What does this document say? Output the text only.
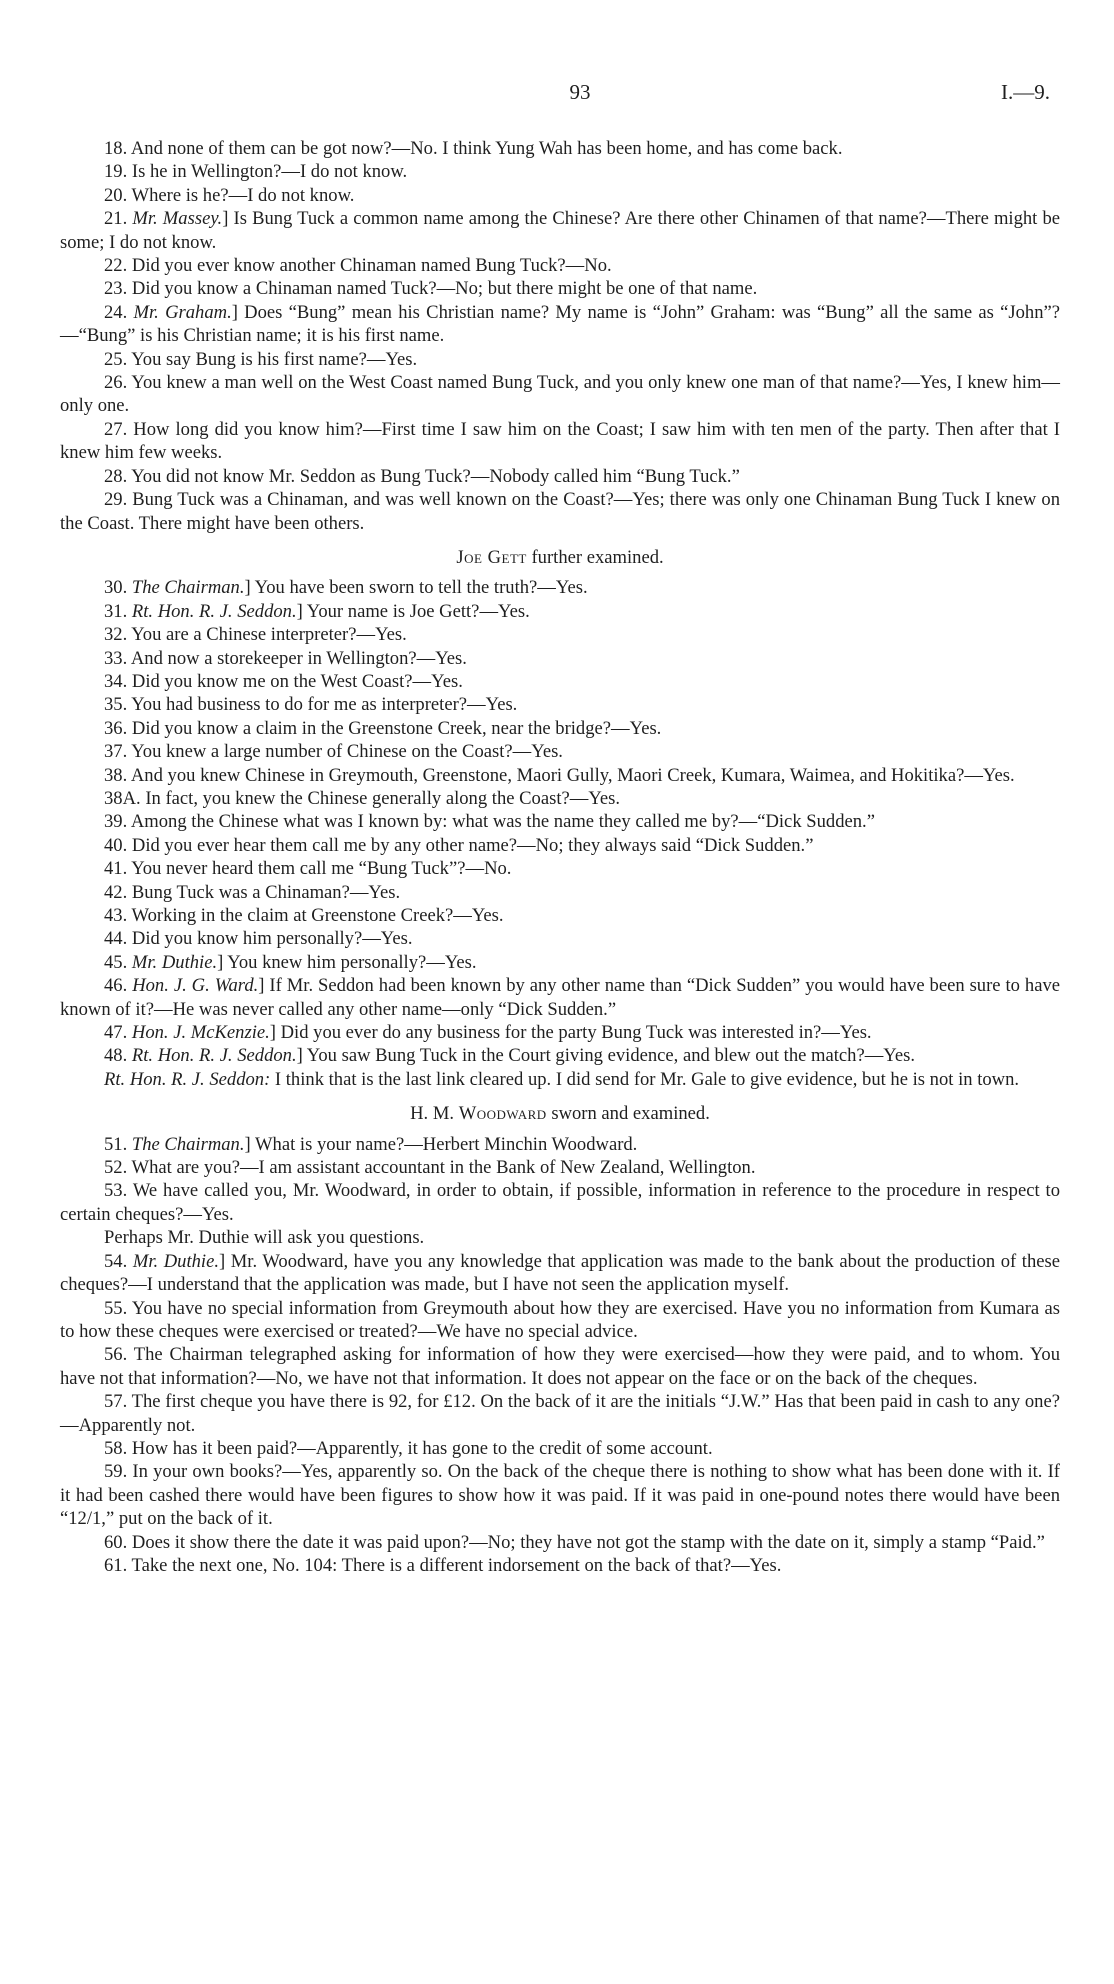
93	I.—9.

18. And none of them can be got now?—No. I think Yung Wah has been home, and has come back.

19. Is he in Wellington?—I do not know.

20. Where is he?—I do not know.

21. Mr. Massey.] Is Bung Tuck a common name among the Chinese? Are there other Chinamen of that name?—There might be some; I do not know.

22. Did you ever know another Chinaman named Bung Tuck?—No.

23. Did you know a Chinaman named Tuck?—No; but there might be one of that name.

24. Mr. Graham.] Does “Bung” mean his Christian name? My name is “John” Graham: was “Bung” all the same as “John”?—“Bung” is his Christian name; it is his first name.

25. You say Bung is his first name?—Yes.

26. You knew a man well on the West Coast named Bung Tuck, and you only knew one man of that name?—Yes, I knew him—only one.

27. How long did you know him?—First time I saw him on the Coast; I saw him with ten men of the party. Then after that I knew him few weeks.

28. You did not know Mr. Seddon as Bung Tuck?—Nobody called him “Bung Tuck.”

29. Bung Tuck was a Chinaman, and was well known on the Coast?—Yes; there was only one Chinaman Bung Tuck I knew on the Coast. There might have been others.

Joe Gett further examined.

30. The Chairman.] You have been sworn to tell the truth?—Yes.

31. Rt. Hon. R. J. Seddon.] Your name is Joe Gett?—Yes.

32. You are a Chinese interpreter?—Yes.

33. And now a storekeeper in Wellington?—Yes.

34. Did you know me on the West Coast?—Yes.

35. You had business to do for me as interpreter?—Yes.

36. Did you know a claim in the Greenstone Creek, near the bridge?—Yes.

37. You knew a large number of Chinese on the Coast?—Yes.

38. And you knew Chinese in Greymouth, Greenstone, Maori Gully, Maori Creek, Kumara, Waimea, and Hokitika?—Yes.

38A. In fact, you knew the Chinese generally along the Coast?—Yes.

39. Among the Chinese what was I known by: what was the name they called me by?—“Dick Sudden.”

40. Did you ever hear them call me by any other name?—No; they always said “Dick Sudden.”

41. You never heard them call me “Bung Tuck”?—No.

42. Bung Tuck was a Chinaman?—Yes.

43. Working in the claim at Greenstone Creek?—Yes.

44. Did you know him personally?—Yes.

45. Mr. Duthie.] You knew him personally?—Yes.

46. Hon. J. G. Ward.] If Mr. Seddon had been known by any other name than “Dick Sudden” you would have been sure to have known of it?—He was never called any other name—only “Dick Sudden.”

47. Hon. J. McKenzie.] Did you ever do any business for the party Bung Tuck was interested in?—Yes.

48. Rt. Hon. R. J. Seddon.] You saw Bung Tuck in the Court giving evidence, and blew out the match?—Yes.

Rt. Hon. R. J. Seddon: I think that is the last link cleared up. I did send for Mr. Gale to give evidence, but he is not in town.

H. M. Woodward sworn and examined.

51. The Chairman.] What is your name?—Herbert Minchin Woodward.

52. What are you?—I am assistant accountant in the Bank of New Zealand, Wellington.

53. We have called you, Mr. Woodward, in order to obtain, if possible, information in reference to the procedure in respect to certain cheques?—Yes.

Perhaps Mr. Duthie will ask you questions.

54. Mr. Duthie.] Mr. Woodward, have you any knowledge that application was made to the bank about the production of these cheques?—I understand that the application was made, but I have not seen the application myself.

55. You have no special information from Greymouth about how they are exercised. Have you no information from Kumara as to how these cheques were exercised or treated?—We have no special advice.

56. The Chairman telegraphed asking for information of how they were exercised—how they were paid, and to whom. You have not that information?—No, we have not that information. It does not appear on the face or on the back of the cheques.

57. The first cheque you have there is 92, for £12. On the back of it are the initials “J.W.” Has that been paid in cash to any one?—Apparently not.

58. How has it been paid?—Apparently, it has gone to the credit of some account.

59. In your own books?—Yes, apparently so. On the back of the cheque there is nothing to show what has been done with it. If it had been cashed there would have been figures to show how it was paid. If it was paid in one-pound notes there would have been “12/1,” put on the back of it.

60. Does it show there the date it was paid upon?—No; they have not got the stamp with the date on it, simply a stamp “Paid.”

61. Take the next one, No. 104: There is a different indorsement on the back of that?—Yes.
